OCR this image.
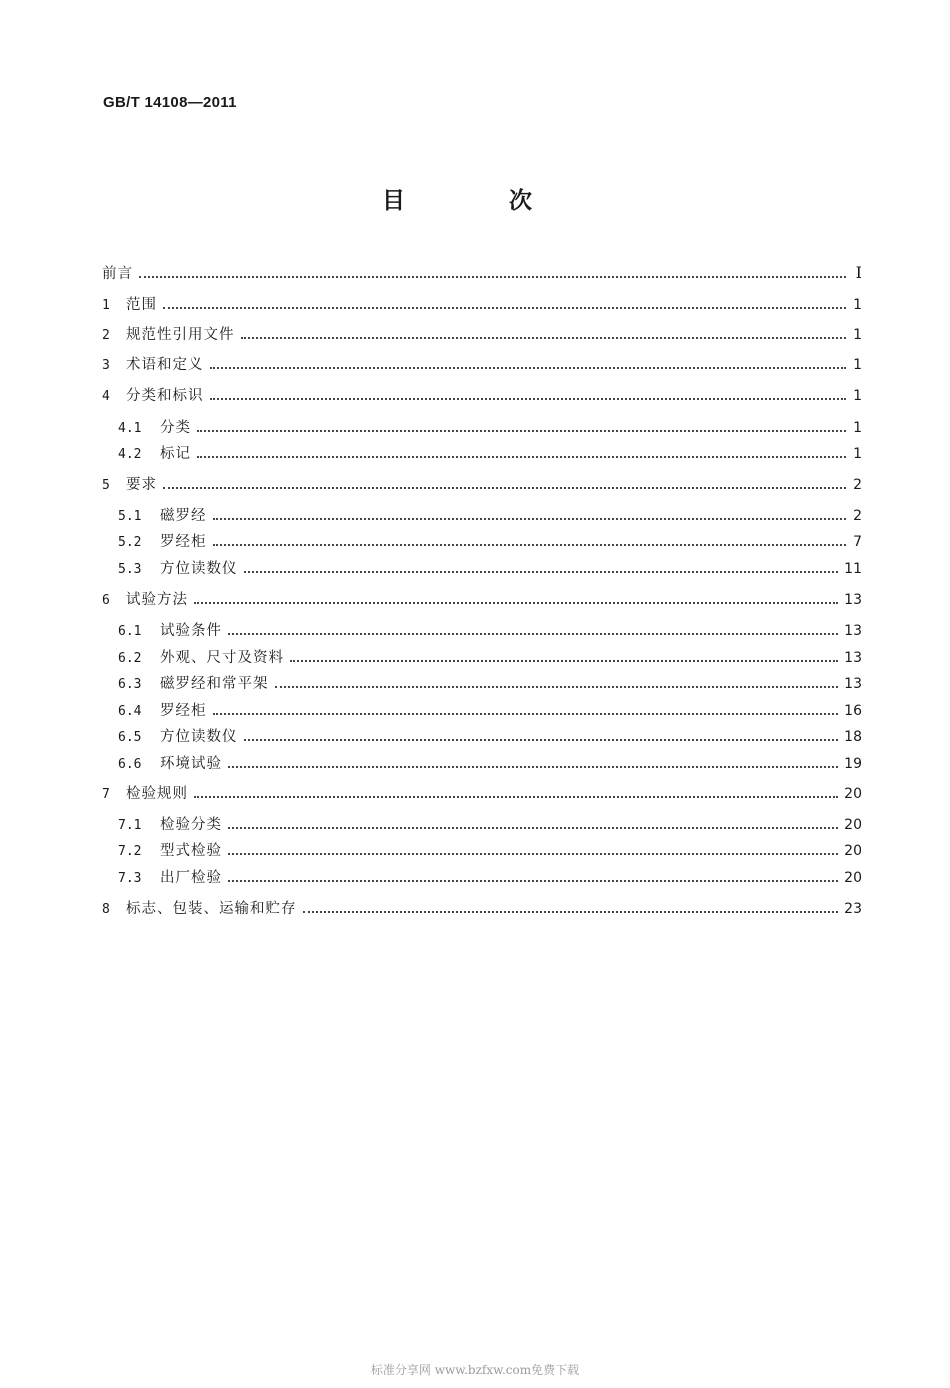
GB/T 14108—2011
目 次
前言	Ⅰ
1	范围	1
2	规范性引用文件	1
3	术语和定义	1
4	分类和标识	1
4.1	分类	1
4.2	标记	1
5	要求	2
5.1	磁罗经	2
5.2	罗经柜	7
5.3	方位读数仪	11
6	试验方法	13
6.1	试验条件	13
6.2	外观、尺寸及资料	13
6.3	磁罗经和常平架	13
6.4	罗经柜	16
6.5	方位读数仪	18
6.6	环境试验	19
7	检验规则	20
7.1	检验分类	20
7.2	型式检验	20
7.3	出厂检验	20
8	标志、包装、运输和贮存	23
标准分享网 www.bzfxw.com免费下载
